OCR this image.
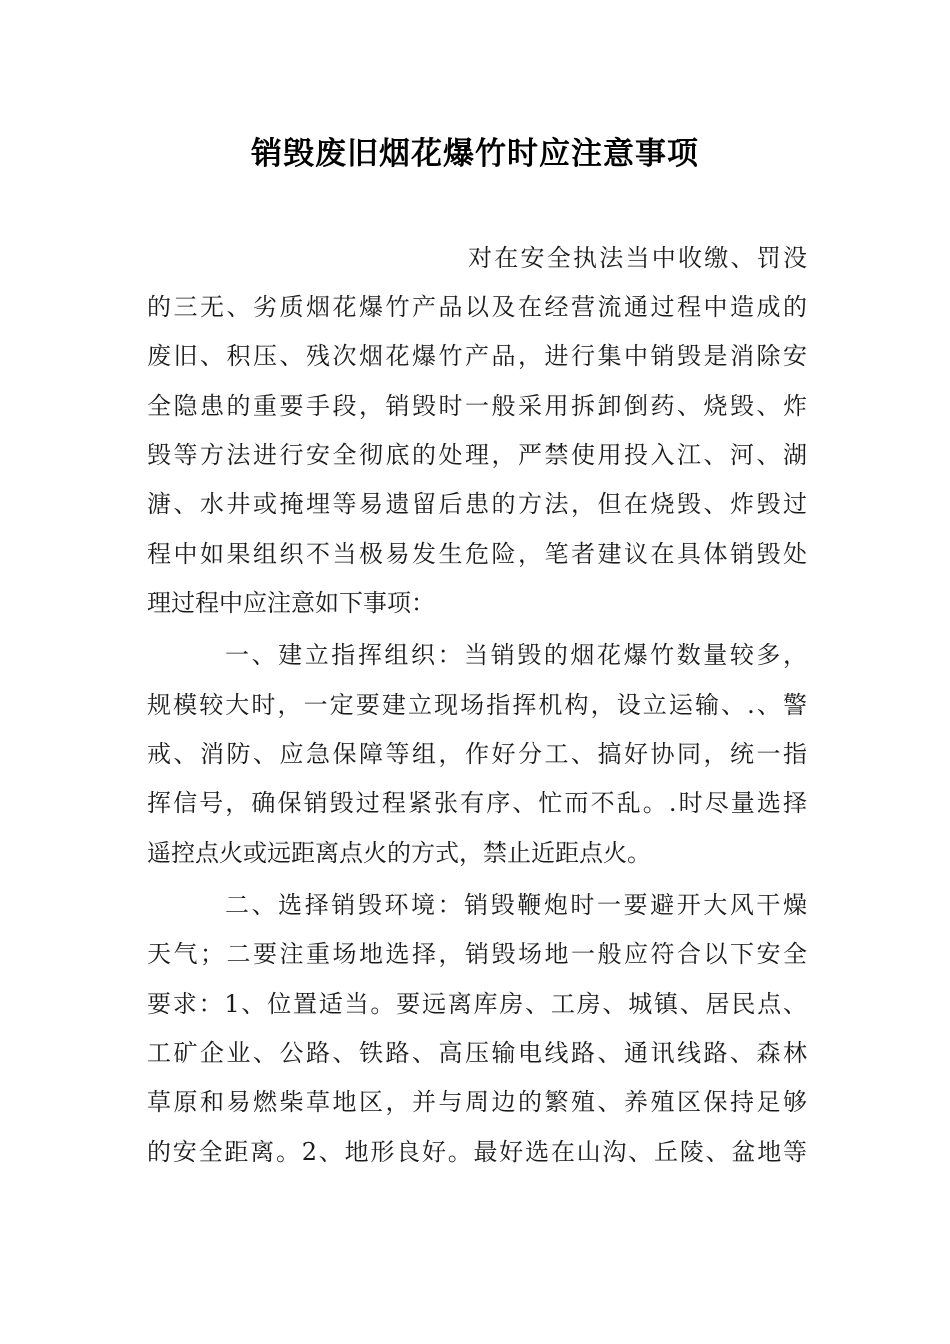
销毁废旧烟花爆竹时应注意事项
对在安全执法当中收缴、罚没
的三无、劣质烟花爆竹产品以及在经营流通过程中造成的
废旧、积压、残次烟花爆竹产品，进行集中销毁是消除安
全隐患的重要手段，销毁时一般采用拆卸倒药、烧毁、炸
毁等方法进行安全彻底的处理，严禁使用投入江、河、湖
溏、水井或掩埋等易遗留后患的方法，但在烧毁、炸毁过
程中如果组织不当极易发生危险，笔者建议在具体销毁处
理过程中应注意如下事项：
一、建立指挥组织：当销毁的烟花爆竹数量较多，
规模较大时，一定要建立现场指挥机构，设立运输、.、警
戒、消防、应急保障等组，作好分工、搞好协同，统一指
挥信号，确保销毁过程紧张有序、忙而不乱。.时尽量选择
遥控点火或远距离点火的方式，禁止近距点火。
二、选择销毁环境：销毁鞭炮时一要避开大风干燥
天气；二要注重场地选择，销毁场地一般应符合以下安全
要求：1、位置适当。要远离库房、工房、城镇、居民点、
工矿企业、公路、铁路、高压输电线路、通讯线路、森林
草原和易燃柴草地区，并与周边的繁殖、养殖区保持足够
的安全距离。2、地形良好。最好选在山沟、丘陵、盆地等
